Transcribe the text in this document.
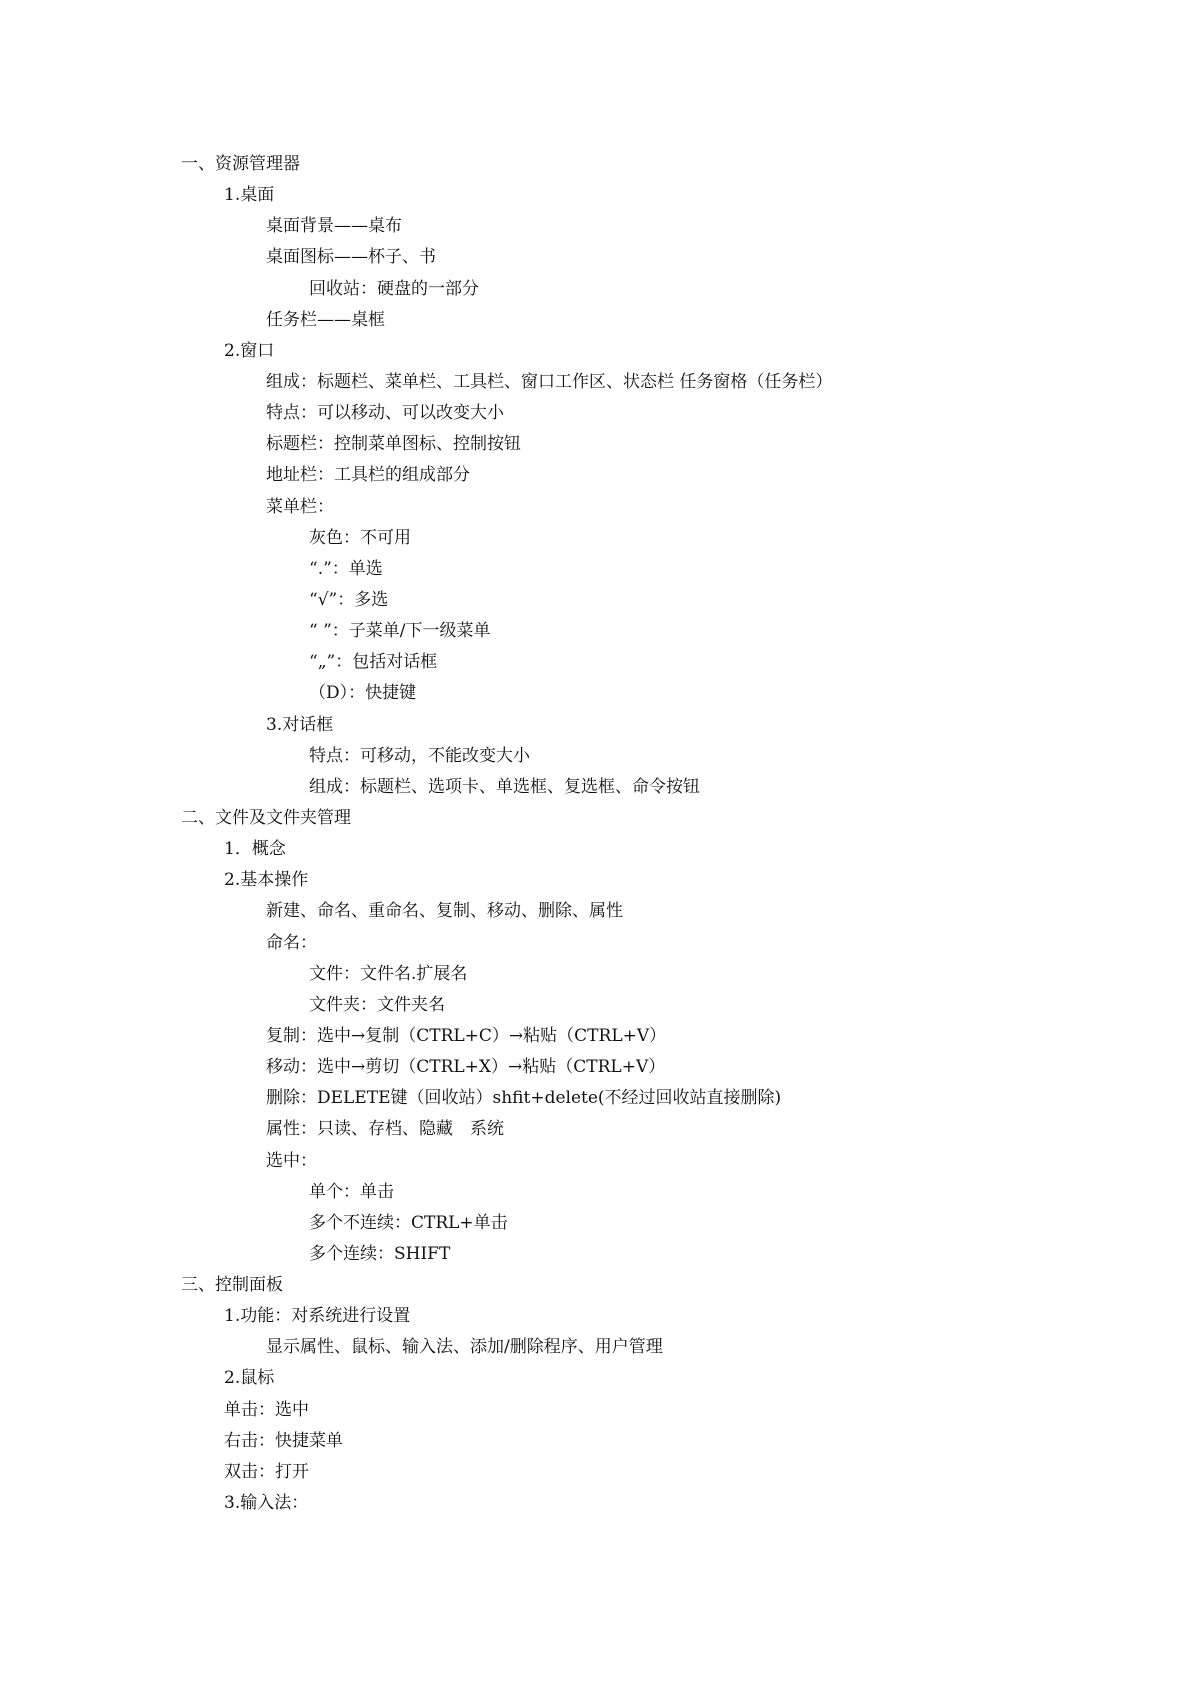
一、资源管理器
1.桌面
桌面背景——桌布
桌面图标——杯子、书
回收站：硬盘的一部分
任务栏——桌框
2.窗口
组成：标题栏、菜单栏、工具栏、窗口工作区、状态栏 任务窗格（任务栏）
特点：可以移动、可以改变大小
标题栏：控制菜单图标、控制按钮
地址栏：工具栏的组成部分
菜单栏：
灰色：不可用
“.”：单选
“√”：多选
“ ”：子菜单/下一级菜单
“„”：包括对话框
（D）：快捷键
3.对话框
特点：可移动，不能改变大小
组成：标题栏、选项卡、单选框、复选框、命令按钮
二、文件及文件夹管理
1．概念
2.基本操作
新建、命名、重命名、复制、移动、删除、属性
命名：
文件：文件名.扩展名
文件夹：文件夹名
复制：选中→复制（CTRL+C）→粘贴（CTRL+V）
移动：选中→剪切（CTRL+X）→粘贴（CTRL+V）
删除：DELETE键（回收站）shfit+delete(不经过回收站直接删除)
属性：只读、存档、隐藏　系统
选中：
单个：单击
多个不连续：CTRL+单击
多个连续：SHIFT
三、控制面板
1.功能：对系统进行设置
显示属性、鼠标、输入法、添加/删除程序、用户管理
2.鼠标
单击：选中
右击：快捷菜单
双击：打开
3.输入法：
